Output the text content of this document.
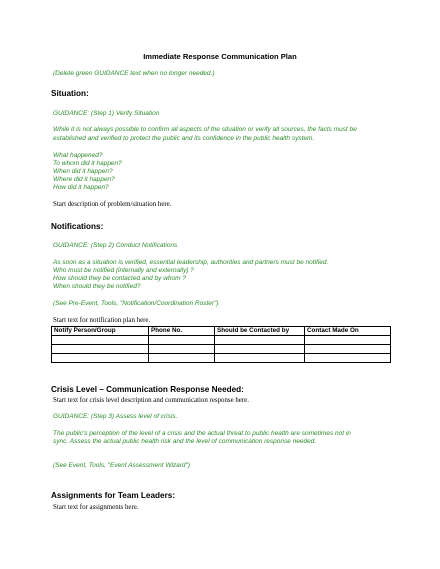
Immediate Response Communication Plan
(Delete green GUIDANCE text when no longer needed.)
Situation:
GUIDANCE: (Step 1) Verify Situation
While it is not always possible to confirm all aspects of the situation or verify all sources, the facts must be
established and verified to protect the public and its confidence in the public health system.
What happened?
To whom did it happen?
When did it happen?
Where did it happen?
How did it happen?
Start description of problem/situation here.
Notifications:
GUIDANCE: (Step 2) Conduct Notifications
As soon as a situation is verified, essential leadership, authorities and partners must be notified.
Who must be notified (internally and externally) ?
How should they be contacted and by whom ?
When should they be notified?
(See Pre-Event, Tools, "Notification/Coordination Roster")
Start text for notification plan here.
Notify Person/Group	Phone No.	Should be Contacted by	Contact Made On

Crisis Level – Communication Response Needed:
Start text for crisis level description and communication response here.
GUIDANCE: (Step 3) Assess level of crisis.
The public's perception of the level of a crisis and the actual threat to public health are sometimes not in
sync. Assess the actual public health risk and the level of communication response needed.
(See Event, Tools, "Event Assessment Wizard")
Assignments for Team Leaders:
Start text for assignments here.
